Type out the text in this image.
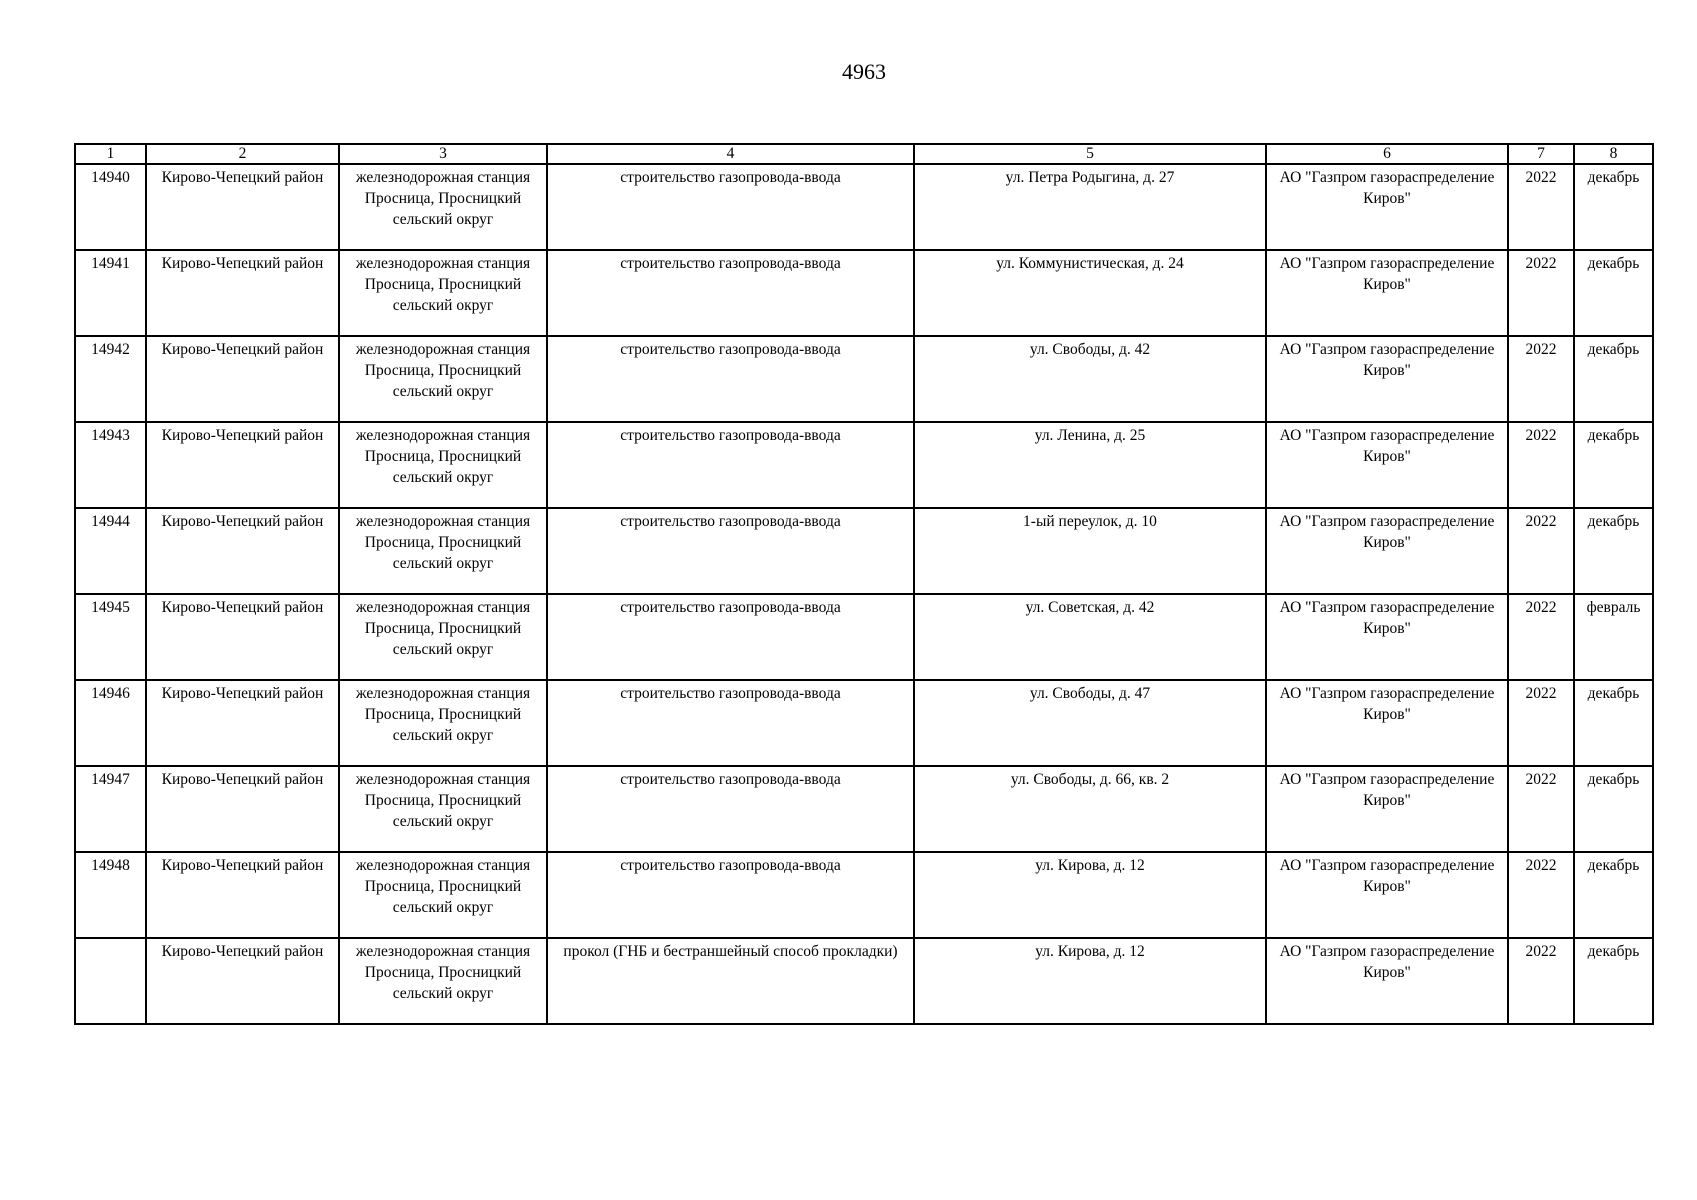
4963
1	2	3	4	5	6	7	8
14940	Кирово-Чепецкий район	железнодорожная станция Просница, Просницкий сельский округ	строительство газопровода-ввода	ул. Петра Родыгина, д. 27	АО "Газпром газораспределение Киров"	2022	декабрь
14941	Кирово-Чепецкий район	железнодорожная станция Просница, Просницкий сельский округ	строительство газопровода-ввода	ул. Коммунистическая, д. 24	АО "Газпром газораспределение Киров"	2022	декабрь
14942	Кирово-Чепецкий район	железнодорожная станция Просница, Просницкий сельский округ	строительство газопровода-ввода	ул. Свободы, д. 42	АО "Газпром газораспределение Киров"	2022	декабрь
14943	Кирово-Чепецкий район	железнодорожная станция Просница, Просницкий сельский округ	строительство газопровода-ввода	ул. Ленина, д. 25	АО "Газпром газораспределение Киров"	2022	декабрь
14944	Кирово-Чепецкий район	железнодорожная станция Просница, Просницкий сельский округ	строительство газопровода-ввода	1-ый переулок, д. 10	АО "Газпром газораспределение Киров"	2022	декабрь
14945	Кирово-Чепецкий район	железнодорожная станция Просница, Просницкий сельский округ	строительство газопровода-ввода	ул. Советская, д. 42	АО "Газпром газораспределение Киров"	2022	февраль
14946	Кирово-Чепецкий район	железнодорожная станция Просница, Просницкий сельский округ	строительство газопровода-ввода	ул. Свободы, д. 47	АО "Газпром газораспределение Киров"	2022	декабрь
14947	Кирово-Чепецкий район	железнодорожная станция Просница, Просницкий сельский округ	строительство газопровода-ввода	ул. Свободы, д. 66, кв. 2	АО "Газпром газораспределение Киров"	2022	декабрь
14948	Кирово-Чепецкий район	железнодорожная станция Просница, Просницкий сельский округ	строительство газопровода-ввода	ул. Кирова, д. 12	АО "Газпром газораспределение Киров"	2022	декабрь
	Кирово-Чепецкий район	железнодорожная станция Просница, Просницкий сельский округ	прокол (ГНБ и бестраншейный способ прокладки)	ул. Кирова, д. 12	АО "Газпром газораспределение Киров"	2022	декабрь
